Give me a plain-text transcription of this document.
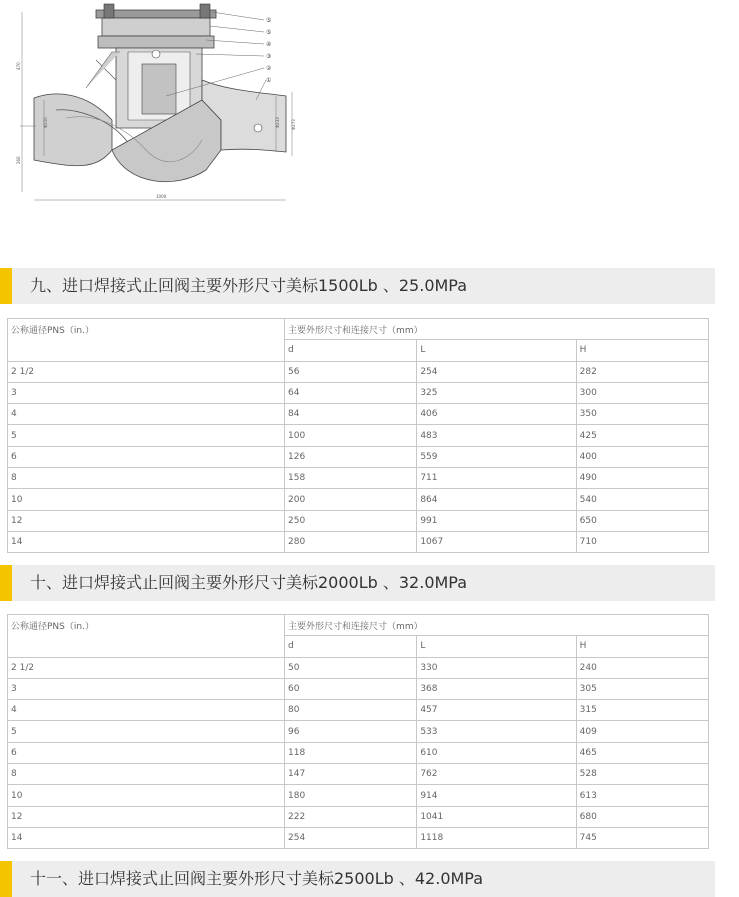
⑤
⑤
④
③
②
①
470
266
1000
Φ210	Φ233	Φ273
九、进口焊接式止回阀主要外形尺寸美标1500Lb 、25.0MPa
公称通径PNS（in.）	主要外形尺寸和连接尺寸（mm）		
	d	L	H
2 1/2	56	254	282
3	64	325	300
4	84	406	350
5	100	483	425
6	126	559	400
8	158	711	490
10	200	864	540
12	250	991	650
14	280	1067	710
十、进口焊接式止回阀主要外形尺寸美标2000Lb 、32.0MPa
公称通径PNS（in.）	主要外形尺寸和连接尺寸（mm）		
	d	L	H
2 1/2	50	330	240
3	60	368	305
4	80	457	315
5	96	533	409
6	118	610	465
8	147	762	528
10	180	914	613
12	222	1041	680
14	254	1118	745
十一、进口焊接式止回阀主要外形尺寸美标2500Lb 、42.0MPa
